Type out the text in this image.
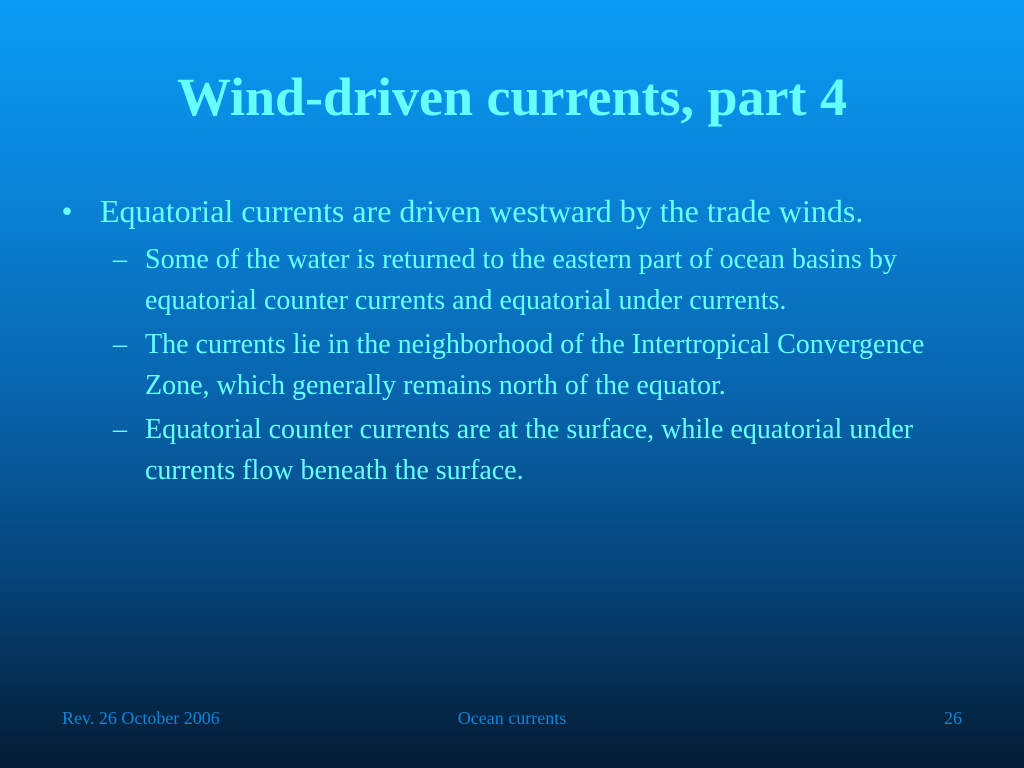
Wind-driven currents, part 4
• Equatorial currents are driven westward by the trade winds.
– Some of the water is returned to the eastern part of ocean basins by equatorial counter currents and equatorial under currents.
– The currents lie in the neighborhood of the Intertropical Convergence Zone, which generally remains north of the equator.
– Equatorial counter currents are at the surface, while equatorial under currents flow beneath the surface.
Rev. 26 October 2006	Ocean currents	26
